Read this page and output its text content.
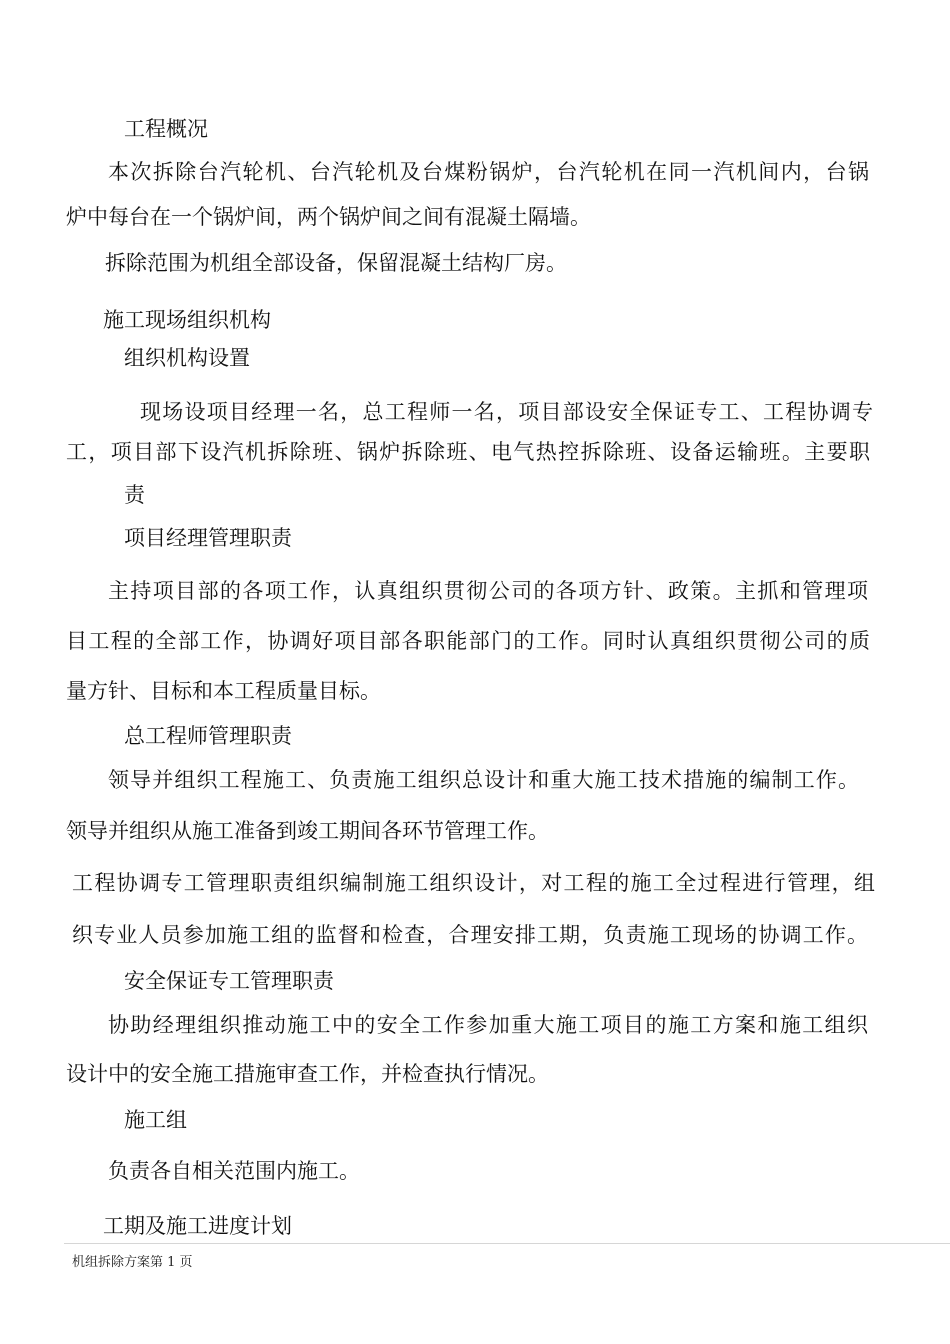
工程概况

本次拆除台汽轮机、台汽轮机及台煤粉锅炉，台汽轮机在同一汽机间内，台锅

炉中每台在一个锅炉间，两个锅炉间之间有混凝土隔墙。

拆除范围为机组全部设备，保留混凝土结构厂房。

施工现场组织机构

组织机构设置

现场设项目经理一名，总工程师一名，项目部设安全保证专工、工程协调专

工，项目部下设汽机拆除班、锅炉拆除班、电气热控拆除班、设备运输班。主要职

责

项目经理管理职责

主持项目部的各项工作，认真组织贯彻公司的各项方针、政策。主抓和管理项

目工程的全部工作，协调好项目部各职能部门的工作。同时认真组织贯彻公司的质

量方针、目标和本工程质量目标。

总工程师管理职责

领导并组织工程施工、负责施工组织总设计和重大施工技术措施的编制工作。

领导并组织从施工准备到竣工期间各环节管理工作。

工程协调专工管理职责组织编制施工组织设计，对工程的施工全过程进行管理，组

织专业人员参加施工组的监督和检查，合理安排工期，负责施工现场的协调工作。

安全保证专工管理职责

协助经理组织推动施工中的安全工作参加重大施工项目的施工方案和施工组织

设计中的安全施工措施审查工作，并检查执行情况。

施工组

负责各自相关范围内施工。

工期及施工进度计划

机组拆除方案第 1 页
